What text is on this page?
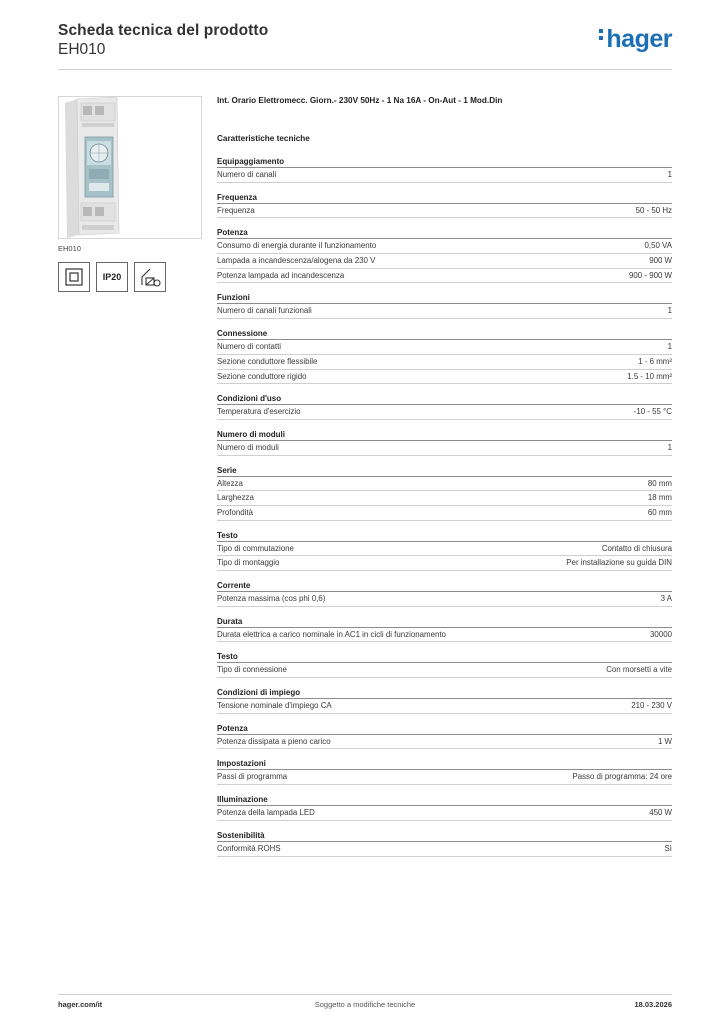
Scheda tecnica del prodotto
EH010	hager
EH010
IP20
Int. Orario Elettromecc. Giorn.- 230V 50Hz - 1 Na 16A - On-Aut - 1 Mod.Din
Caratteristiche tecniche
Equipaggiamento
Numero di canali	1
Frequenza
Frequenza	50 - 50 Hz
Potenza
Consumo di energia durante il funzionamento	0,50 VA
Lampada a incandescenza/alogena da 230 V	900 W
Potenza lampada ad incandescenza	900 - 900 W
Funzioni
Numero di canali funzionali	1
Connessione
Numero di contatti	1
Sezione conduttore flessibile	1 - 6 mm²
Sezione conduttore rigido	1.5 - 10 mm²
Condizioni d'uso
Temperatura d'esercizio	-10 - 55 °C
Numero di moduli
Numero di moduli	1
Serie
Altezza	80 mm
Larghezza	18 mm
Profondità	60 mm
Testo
Tipo di commutazione	Contatto di chiusura
Tipo di montaggio	Per installazione su guida DIN
Corrente
Potenza massima (cos phi 0,6)	3 A
Durata
Durata elettrica a carico nominale in AC1 in cicli di funzionamento	30000
Testo
Tipo di connessione	Con morsetti a vite
Condizioni di impiego
Tensione nominale d'impiego CA	210 - 230 V
Potenza
Potenza dissipata a pieno carico	1 W
Impostazioni
Passi di programma	Passo di programma: 24 ore
Illuminazione
Potenza della lampada LED	450 W
Sostenibilità
Conformità ROHS	Sì
hager.com/it	Soggetto a modifiche tecniche	18.03.2026
